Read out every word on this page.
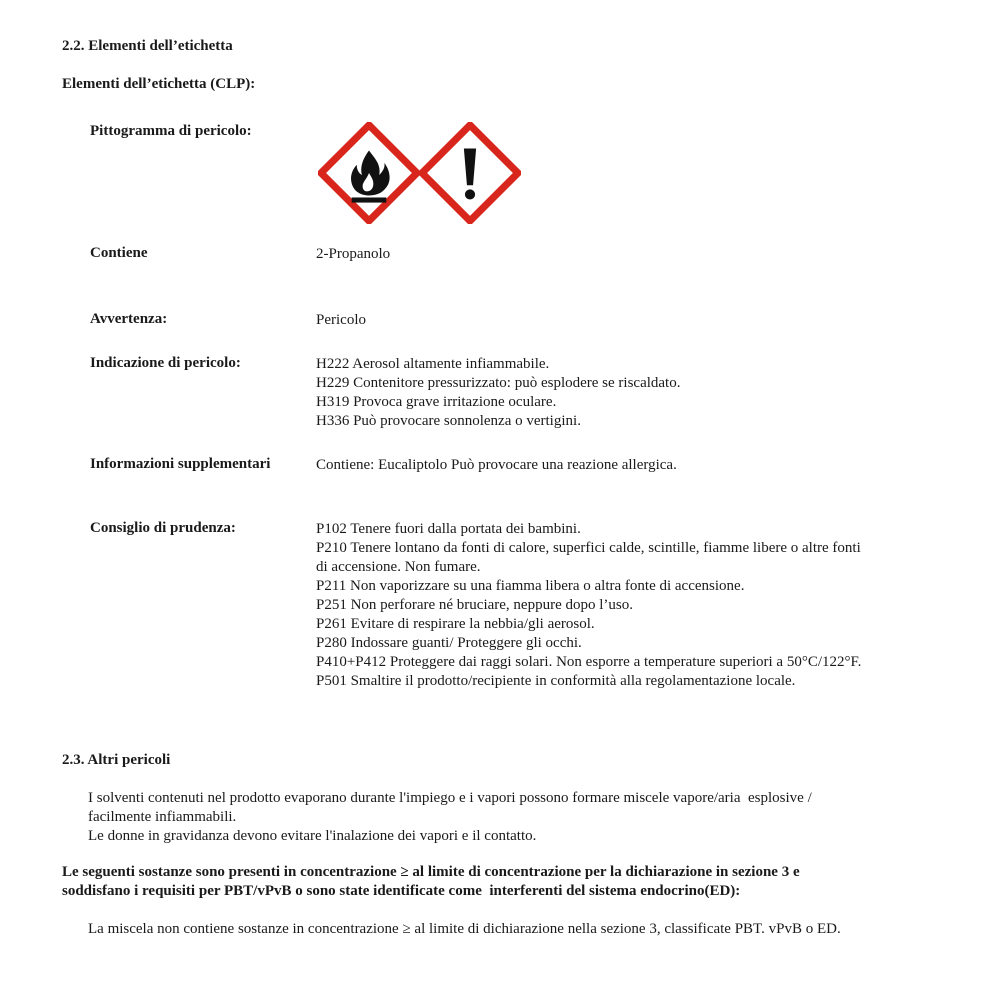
2.2. Elementi dell’etichetta
Elementi dell’etichetta (CLP):
Pittogramma di pericolo:
Contiene	2-Propanolo
Avvertenza:	Pericolo
Indicazione di pericolo:	H222 Aerosol altamente infiammabile.
H229 Contenitore pressurizzato: può esplodere se riscaldato.
H319 Provoca grave irritazione oculare.
H336 Può provocare sonnolenza o vertigini.
Informazioni supplementari	Contiene: Eucaliptolo Può provocare una reazione allergica.
Consiglio di prudenza:	P102 Tenere fuori dalla portata dei bambini.
P210 Tenere lontano da fonti di calore, superfici calde, scintille, fiamme libere o altre fonti
di accensione. Non fumare.
P211 Non vaporizzare su una fiamma libera o altra fonte di accensione.
P251 Non perforare né bruciare, neppure dopo l’uso.
P261 Evitare di respirare la nebbia/gli aerosol.
P280 Indossare guanti/ Proteggere gli occhi.
P410+P412 Proteggere dai raggi solari. Non esporre a temperature superiori a 50°C/122°F.
P501 Smaltire il prodotto/recipiente in conformità alla regolamentazione locale.
2.3. Altri pericoli
I solventi contenuti nel prodotto evaporano durante l'impiego e i vapori possono formare miscele vapore/aria  esplosive /
facilmente infiammabili.
Le donne in gravidanza devono evitare l'inalazione dei vapori e il contatto.
Le seguenti sostanze sono presenti in concentrazione ≥ al limite di concentrazione per la dichiarazione in sezione 3 e
soddisfano i requisiti per PBT/vPvB o sono state identificate come  interferenti del sistema endocrino(ED):
La miscela non contiene sostanze in concentrazione ≥ al limite di dichiarazione nella sezione 3, classificate PBT. vPvB o ED.
